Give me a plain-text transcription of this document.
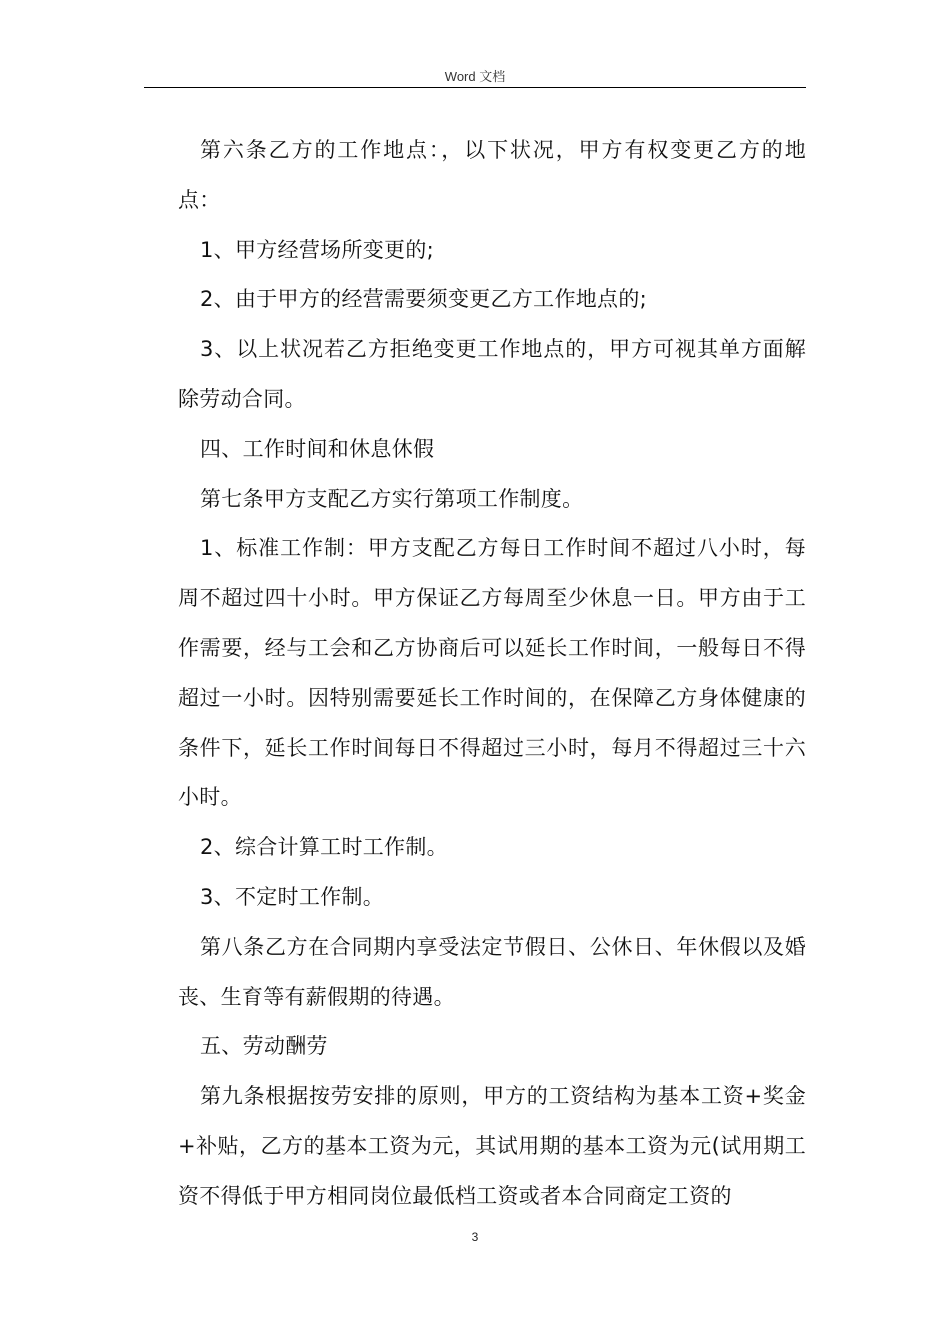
Word 文档

第六条乙方的工作地点：，以下状况，甲方有权变更乙方的地点：

1、甲方经营场所变更的;

2、由于甲方的经营需要须变更乙方工作地点的;

3、以上状况若乙方拒绝变更工作地点的，甲方可视其单方面解除劳动合同。

四、工作时间和休息休假

第七条甲方支配乙方实行第项工作制度。

1、标准工作制：甲方支配乙方每日工作时间不超过八小时，每周不超过四十小时。甲方保证乙方每周至少休息一日。甲方由于工作需要，经与工会和乙方协商后可以延长工作时间，一般每日不得超过一小时。因特别需要延长工作时间的，在保障乙方身体健康的条件下，延长工作时间每日不得超过三小时，每月不得超过三十六小时。

2、综合计算工时工作制。

3、不定时工作制。

第八条乙方在合同期内享受法定节假日、公休日、年休假以及婚丧、生育等有薪假期的待遇。

五、劳动酬劳

第九条根据按劳安排的原则，甲方的工资结构为基本工资+奖金+补贴，乙方的基本工资为元，其试用期的基本工资为元(试用期工资不得低于甲方相同岗位最低档工资或者本合同商定工资的

3
